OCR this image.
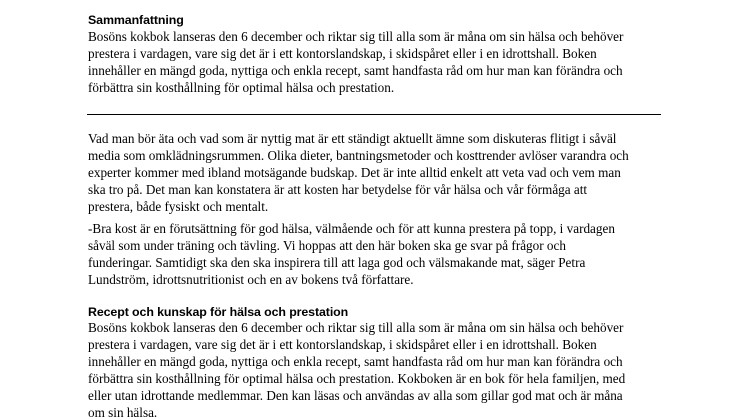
Sammanfattning

Bosöns kokbok lanseras den 6 december och riktar sig till alla som är måna om sin hälsa och behöver
prestera i vardagen, vare sig det är i ett kontorslandskap, i skidspåret eller i en idrottshall. Boken
innehåller en mängd goda, nyttiga och enkla recept, samt handfasta råd om hur man kan förändra och
förbättra sin kosthållning för optimal hälsa och prestation.

Vad man bör äta och vad som är nyttig mat är ett ständigt aktuellt ämne som diskuteras flitigt i såväl
media som omklädningsrummen. Olika dieter, bantningsmetoder och kosttrender avlöser varandra och
experter kommer med ibland motsägande budskap. Det är inte alltid enkelt att veta vad och vem man
ska tro på. Det man kan konstatera är att kosten har betydelse för vår hälsa och vår förmåga att
prestera, både fysiskt och mentalt.

-Bra kost är en förutsättning för god hälsa, välmående och för att kunna prestera på topp, i vardagen
såväl som under träning och tävling. Vi hoppas att den här boken ska ge svar på frågor och
funderingar. Samtidigt ska den ska inspirera till att laga god och välsmakande mat, säger Petra
Lundström, idrottsnutritionist och en av bokens två författare.

Recept och kunskap för hälsa och prestation

Bosöns kokbok lanseras den 6 december och riktar sig till alla som är måna om sin hälsa och behöver
prestera i vardagen, vare sig det är i ett kontorslandskap, i skidspåret eller i en idrottshall. Boken
innehåller en mängd goda, nyttiga och enkla recept, samt handfasta råd om hur man kan förändra och
förbättra sin kosthållning för optimal hälsa och prestation. Kokboken är en bok för hela familjen, med
eller utan idrottande medlemmar. Den kan läsas och användas av alla som gillar god mat och är måna
om sin hälsa.
